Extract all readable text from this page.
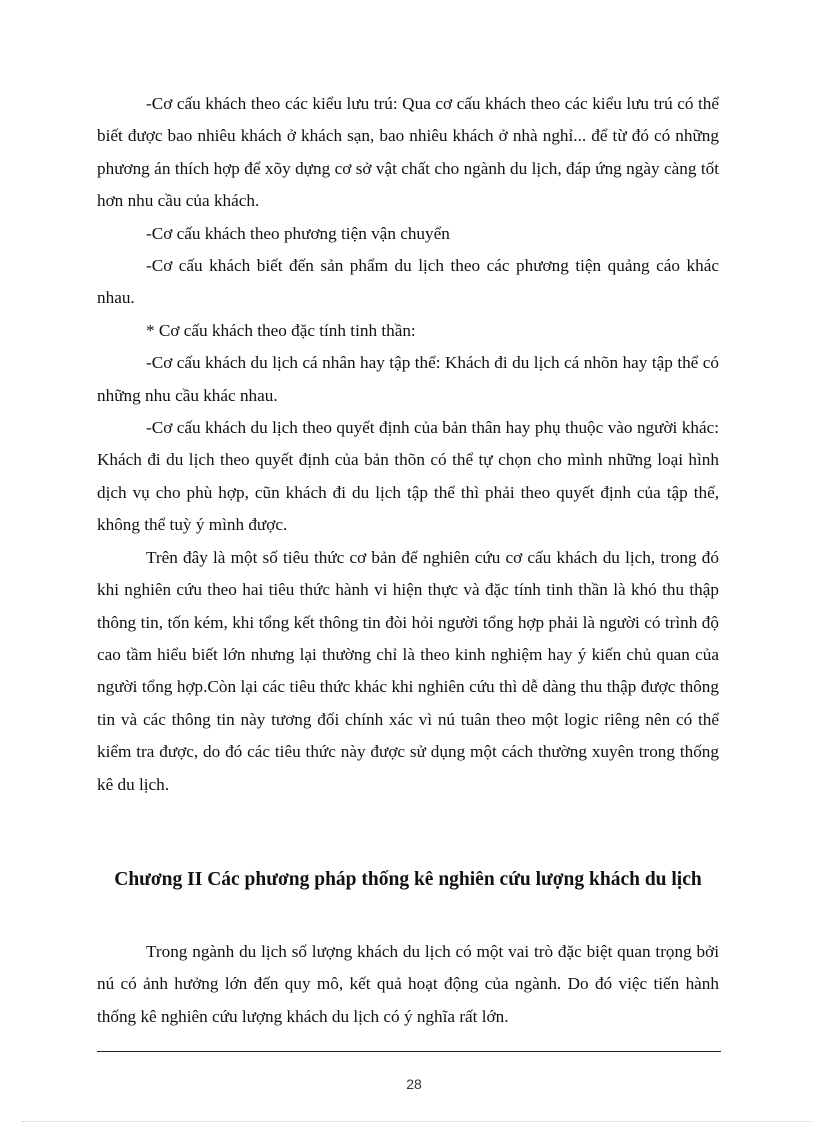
-Cơ cấu khách theo các kiểu lưu trú: Qua cơ cấu khách theo các kiểu lưu trú có thể biết được bao nhiêu khách ở khách sạn, bao nhiêu khách ở nhà nghỉ... để từ đó có những phương án thích hợp để xõy dựng cơ sở vật chất cho ngành du lịch, đáp ứng ngày càng tốt hơn nhu cầu của khách.

-Cơ cấu khách theo phương tiện vận chuyển

-Cơ cấu khách biết đến sản phẩm du lịch theo các phương tiện quảng cáo khác nhau.

* Cơ cấu khách theo đặc tính tinh thần:

-Cơ cấu khách du lịch cá nhân hay tập thể: Khách đi du lịch cá nhõn hay tập thể có những nhu cầu khác nhau.

-Cơ cấu khách du lịch theo quyết định của bản thân hay phụ thuộc vào người khác: Khách đi du lịch theo quyết định của bản thõn có thể tự chọn cho mình những loại hình dịch vụ cho phù hợp, cũn khách đi du lịch tập thể thì phải theo quyết định của tập thể, không thể tuỳ ý mình được.

Trên đây là một số tiêu thức cơ bản để nghiên cứu cơ cấu khách du lịch, trong đó khi nghiên cứu theo hai tiêu thức hành vi hiện thực và đặc tính tinh thần là khó thu thập thông tin, tốn kém, khi tổng kết thông tin đòi hỏi người tổng hợp phải là người có trình độ cao tầm hiểu biết lớn nhưng lại thường chỉ là theo kinh nghiệm hay ý kiến chủ quan của người tổng hợp.Còn lại các tiêu thức khác khi nghiên cứu thì dễ dàng thu thập được thông tin và các thông tin này tương đối chính xác vì nú tuân theo một logic riêng nên có thể kiểm tra được, do đó các tiêu thức này được sử dụng một cách thường xuyên trong thống kê du lịch.

Chương II Các phương pháp thống kê nghiên cứu lượng khách du lịch

Trong ngành du lịch số lượng khách du lịch có một vai trò đặc biệt quan trọng bởi nú có ảnh hưởng lớn đến quy mô, kết quả hoạt động của ngành. Do đó việc tiến hành thống kê nghiên cứu lượng khách du lịch có ý nghĩa rất lớn.

28
